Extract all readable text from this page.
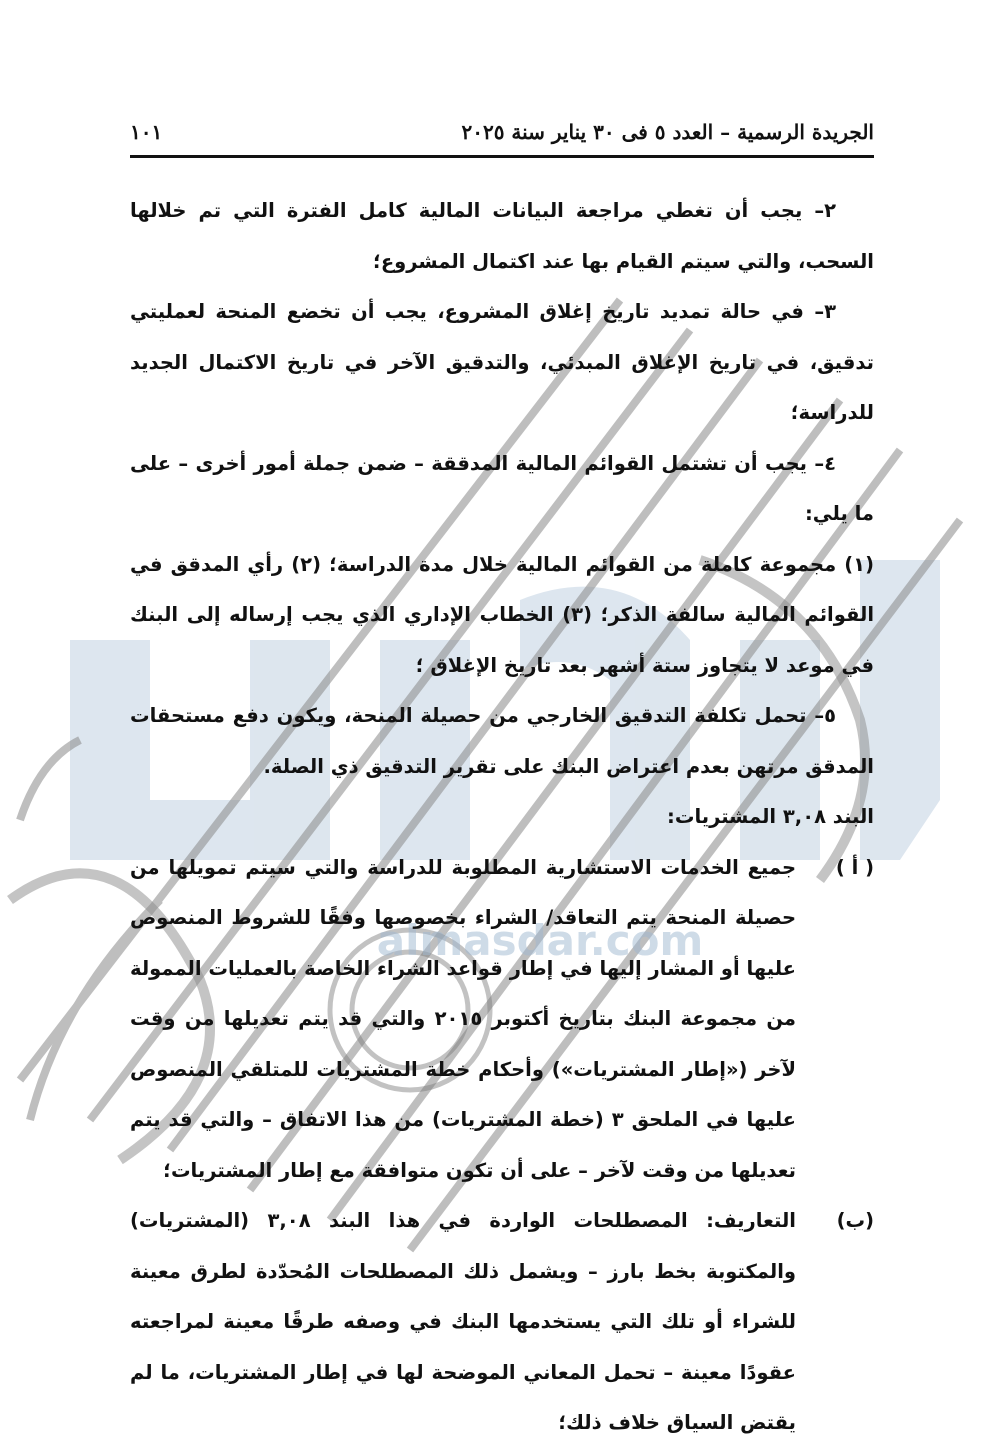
almasdar.com
الجريدة الرسمية – العدد ٥ فى ٣٠ يناير سنة ٢٠٢٥
١٠١

٢– يجب أن تغطي مراجعة البيانات المالية كامل الفترة التي تم خلالها السحب، والتي سيتم القيام بها عند اكتمال المشروع؛

٣– في حالة تمديد تاريخ إغلاق المشروع، يجب أن تخضع المنحة لعمليتي تدقيق، في تاريخ الإغلاق المبدئي، والتدقيق الآخر في تاريخ الاكتمال الجديد للدراسة؛

٤– يجب أن تشتمل القوائم المالية المدققة – ضمن جملة أمور أخرى – على ما يلي:

(١) مجموعة كاملة من القوائم المالية خلال مدة الدراسة؛ (٢) رأي المدقق في القوائم المالية سالفة الذكر؛ (٣) الخطاب الإداري الذي يجب إرساله إلى البنك في موعد لا يتجاوز ستة أشهر بعد تاريخ الإغلاق ؛

٥– تحمل تكلفة التدقيق الخارجي من حصيلة المنحة، ويكون دفع مستحقات المدقق مرتهن بعدم اعتراض البنك على تقرير التدقيق ذي الصلة.

البند ٣,٠٨ المشتريات:

( أ )جميع الخدمات الاستشارية المطلوبة للدراسة والتي سيتم تمويلها من حصيلة المنحة يتم التعاقد/ الشراء بخصوصها وفقًا للشروط المنصوص عليها أو المشار إليها في إطار قواعد الشراء الخاصة بالعمليات الممولة من مجموعة البنك بتاريخ أكتوبر ٢٠١٥ والتي قد يتم تعديلها من وقت لآخر («إطار المشتريات») وأحكام خطة المشتريات للمتلقي المنصوص عليها في الملحق ٣ (خطة المشتريات) من هذا الاتفاق – والتي قد يتم تعديلها من وقت لآخر – على أن تكون متوافقة مع إطار المشتريات؛
(ب)التعاريف: المصطلحات الواردة في هذا البند ٣,٠٨ (المشتريات) والمكتوبة بخط بارز – ويشمل ذلك المصطلحات المُحدّدة لطرق معينة للشراء أو تلك التي يستخدمها البنك في وصفه طرقًا معينة لمراجعته عقودًا معينة – تحمل المعاني الموضحة لها في إطار المشتريات، ما لم يقتض السياق خلاف ذلك؛
